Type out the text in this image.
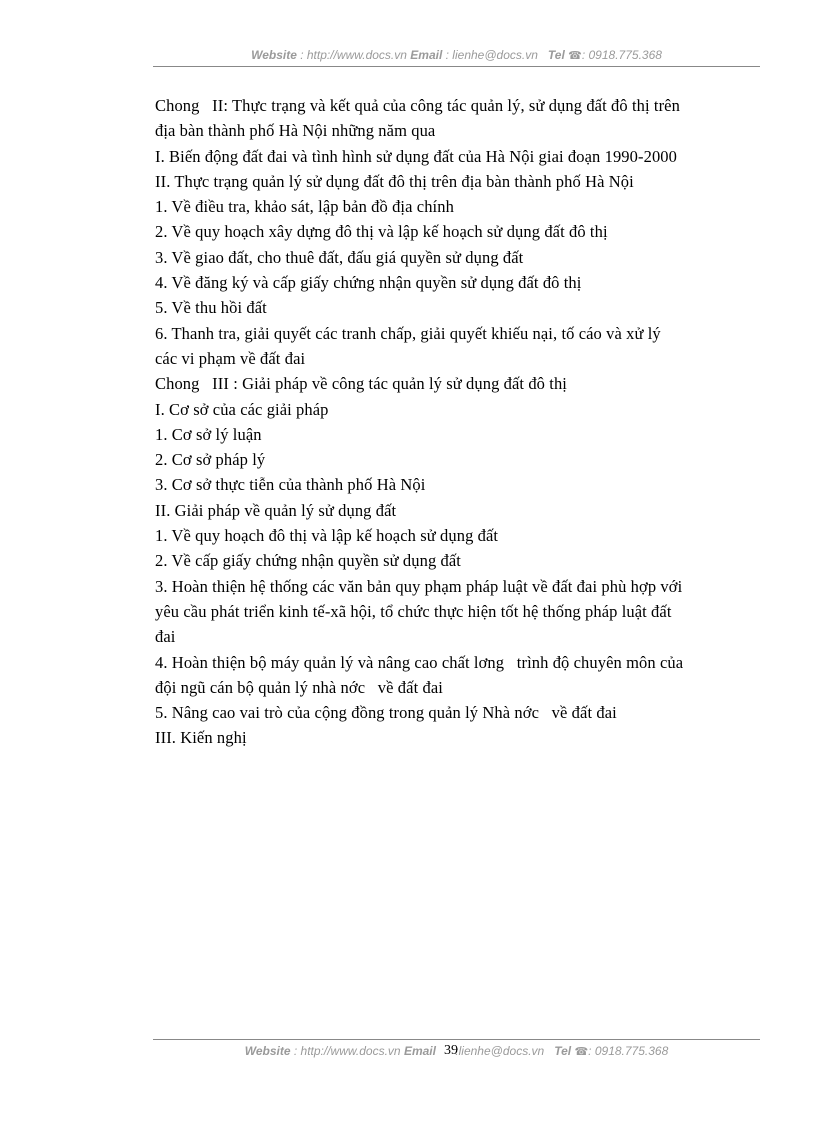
Website : http://www.docs.vn Email : lienhe@docs.vn Tel ☎: 0918.775.368
Chong   II: Thực trạng và kết quả của công tác quản lý, sử dụng đất đô thị trên
địa bàn thành phố Hà Nội những năm qua
I. Biến động đất đai và tình hình sử dụng đất của Hà Nội giai đoạn 1990-2000
II. Thực trạng quản lý sử dụng đất đô thị trên địa bàn thành phố Hà Nội
1. Về điều tra, khảo sát, lập bản đồ địa chính
2. Về quy hoạch xây dựng đô thị và lập kế hoạch sử dụng đất đô thị
3. Về giao đất, cho thuê đất, đấu giá quyền sử dụng đất
4. Về đăng ký và cấp giấy chứng nhận quyền sử dụng đất đô thị
5. Về thu hồi đất
6. Thanh tra, giải quyết các tranh chấp, giải quyết khiếu nại, tố cáo và xử lý
các vi phạm về đất đai
Chong   III : Giải pháp về công tác quản lý sử dụng đất đô thị
I. Cơ sở của các giải pháp
1. Cơ sở lý luận
2. Cơ sở pháp lý
3. Cơ sở thực tiễn của thành phố Hà Nội
II. Giải pháp về quản lý sử dụng đất
1. Về quy hoạch đô thị và lập kế hoạch sử dụng đất
2. Về cấp giấy chứng nhận quyền sử dụng đất
3. Hoàn thiện hệ thống các văn bản quy phạm pháp luật về đất đai phù hợp với
yêu cầu phát triển kinh tế-xã hội, tổ chức thực hiện tốt hệ thống pháp luật đất
đai
4. Hoàn thiện bộ máy quản lý và nâng cao chất lơng   trình độ chuyên môn của
đội ngũ cán bộ quản lý nhà nớc   về đất đai
5. Nâng cao vai trò của cộng đồng trong quản lý Nhà nớc   về đất đai
III. Kiến nghị
Website : http://www.docs.vn Email :lienhe@docs.vn Tel ☎: 0918.775.368
39
